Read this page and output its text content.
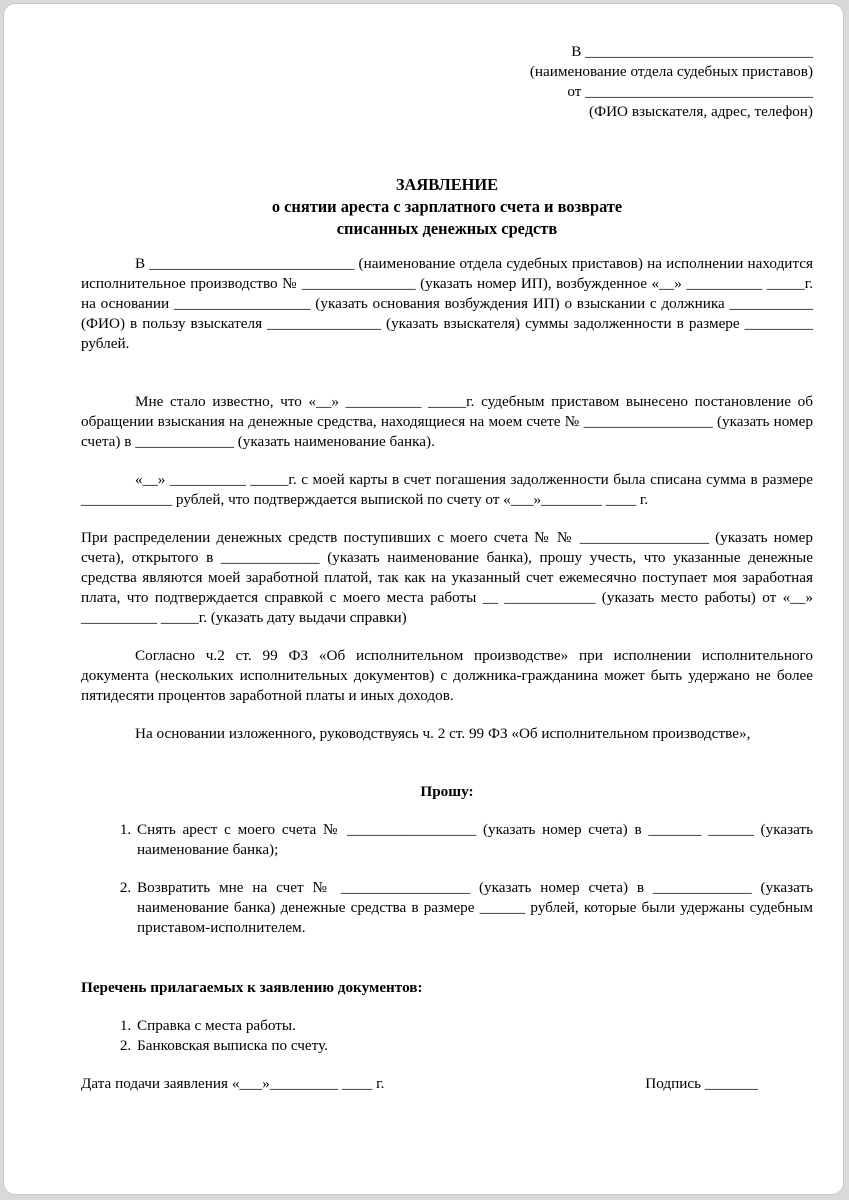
В ______________________________
(наименование отдела судебных приставов)
от ______________________________
(ФИО взыскателя, адрес, телефон)
ЗАЯВЛЕНИЕ
о снятии ареста с зарплатного счета и возврате
списанных денежных средств

В ___________________________ (наименование отдела судебных приставов) на исполнении находится исполнительное производство № _______________ (указать номер ИП), возбужденное «__» __________ _____г. на основании __________________ (указать основания возбуждения ИП) о взыскании с должника ___________ (ФИО) в пользу взыскателя _______________ (указать взыскателя) суммы задолженности в размере _________ рублей.

Мне стало известно, что «__» __________ _____г. судебным приставом вынесено постановление об обращении взыскания на денежные средства, находящиеся на моем счете № _________________ (указать номер счета) в _____________ (указать наименование банка).

«__» __________ _____г. с моей карты в счет погашения задолженности была списана сумма в размере ____________ рублей, что подтверждается выпиской по счету от «___»________ ____ г.

При распределении денежных средств поступивших с моего счета № № _________________ (указать номер счета), открытого в _____________ (указать наименование банка), прошу учесть, что указанные денежные средства являются моей заработной платой, так как на указанный счет ежемесячно поступает моя заработная плата, что подтверждается справкой с моего места работы __ ____________ (указать место работы) от «__» __________ _____г. (указать дату выдачи справки)

Согласно ч.2 ст. 99 ФЗ «Об исполнительном производстве» при исполнении исполнительного документа (нескольких исполнительных документов) с должника-гражданина может быть удержано не более пятидесяти процентов заработной платы и иных доходов.

На основании изложенного, руководствуясь ч. 2 ст. 99 ФЗ «Об исполнительном производстве»,

Прошу:
1. Снять арест с моего счета № _________________ (указать номер счета) в _______ ______ (указать наименование банка);
2. Возвратить мне на счет № _________________ (указать номер счета) в _____________ (указать наименование банка) денежные средства в размере ______ рублей, которые были удержаны судебным приставом-исполнителем.
Перечень прилагаемых к заявлению документов:
1. Справка с места работы.
2. Банковская выписка по счету.
Дата подачи заявления «___»_________ ____ г.	Подпись _______
